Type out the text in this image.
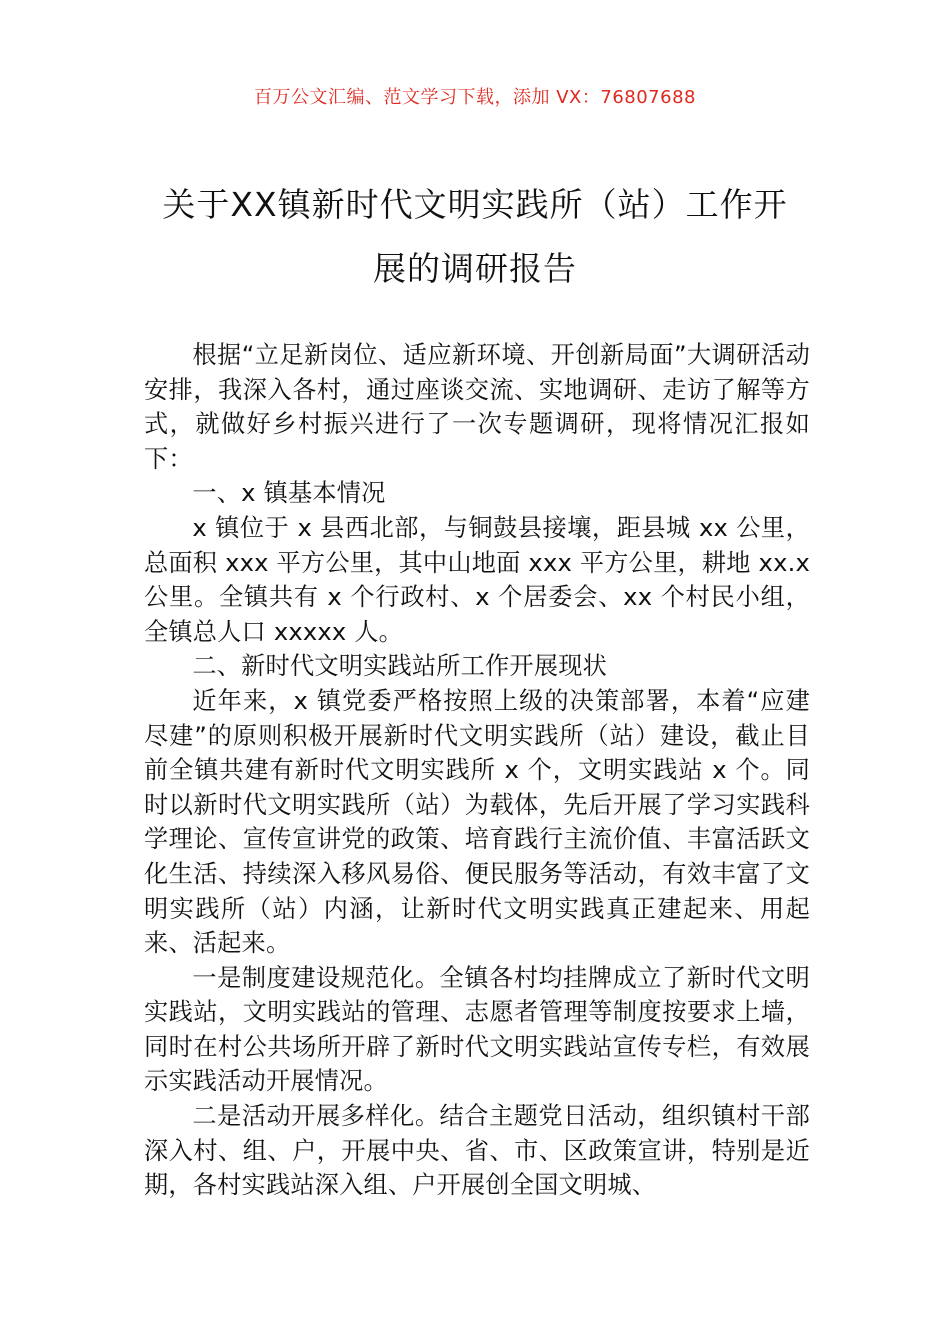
百万公文汇编、范文学习下载，添加 VX：76807688
关于XX镇新时代文明实践所（站）工作开
展的调研报告

根据“立足新岗位、适应新环境、开创新局面”大调研活动安排，我深入各村，通过座谈交流、实地调研、走访了解等方式，就做好乡村振兴进行了一次专题调研，现将情况汇报如下：

一、x 镇基本情况

x 镇位于 x 县西北部，与铜鼓县接壤，距县城 xx 公里，总面积 xxx 平方公里，其中山地面 xxx 平方公里，耕地 xx.x 公里。全镇共有 x 个行政村、x 个居委会、xx 个村民小组，全镇总人口 xxxxx 人。

二、新时代文明实践站所工作开展现状

近年来，x 镇党委严格按照上级的决策部署，本着“应建尽建”的原则积极开展新时代文明实践所（站）建设，截止目前全镇共建有新时代文明实践所 x 个，文明实践站 x 个。同时以新时代文明实践所（站）为载体，先后开展了学习实践科学理论、宣传宣讲党的政策、培育践行主流价值、丰富活跃文化生活、持续深入移风易俗、便民服务等活动，有效丰富了文明实践所（站）内涵，让新时代文明实践真正建起来、用起来、活起来。

一是制度建设规范化。全镇各村均挂牌成立了新时代文明实践站，文明实践站的管理、志愿者管理等制度按要求上墙，同时在村公共场所开辟了新时代文明实践站宣传专栏，有效展示实践活动开展情况。

二是活动开展多样化。结合主题党日活动，组织镇村干部深入村、组、户，开展中央、省、市、区政策宣讲，特别是近期，各村实践站深入组、户开展创全国文明城、
